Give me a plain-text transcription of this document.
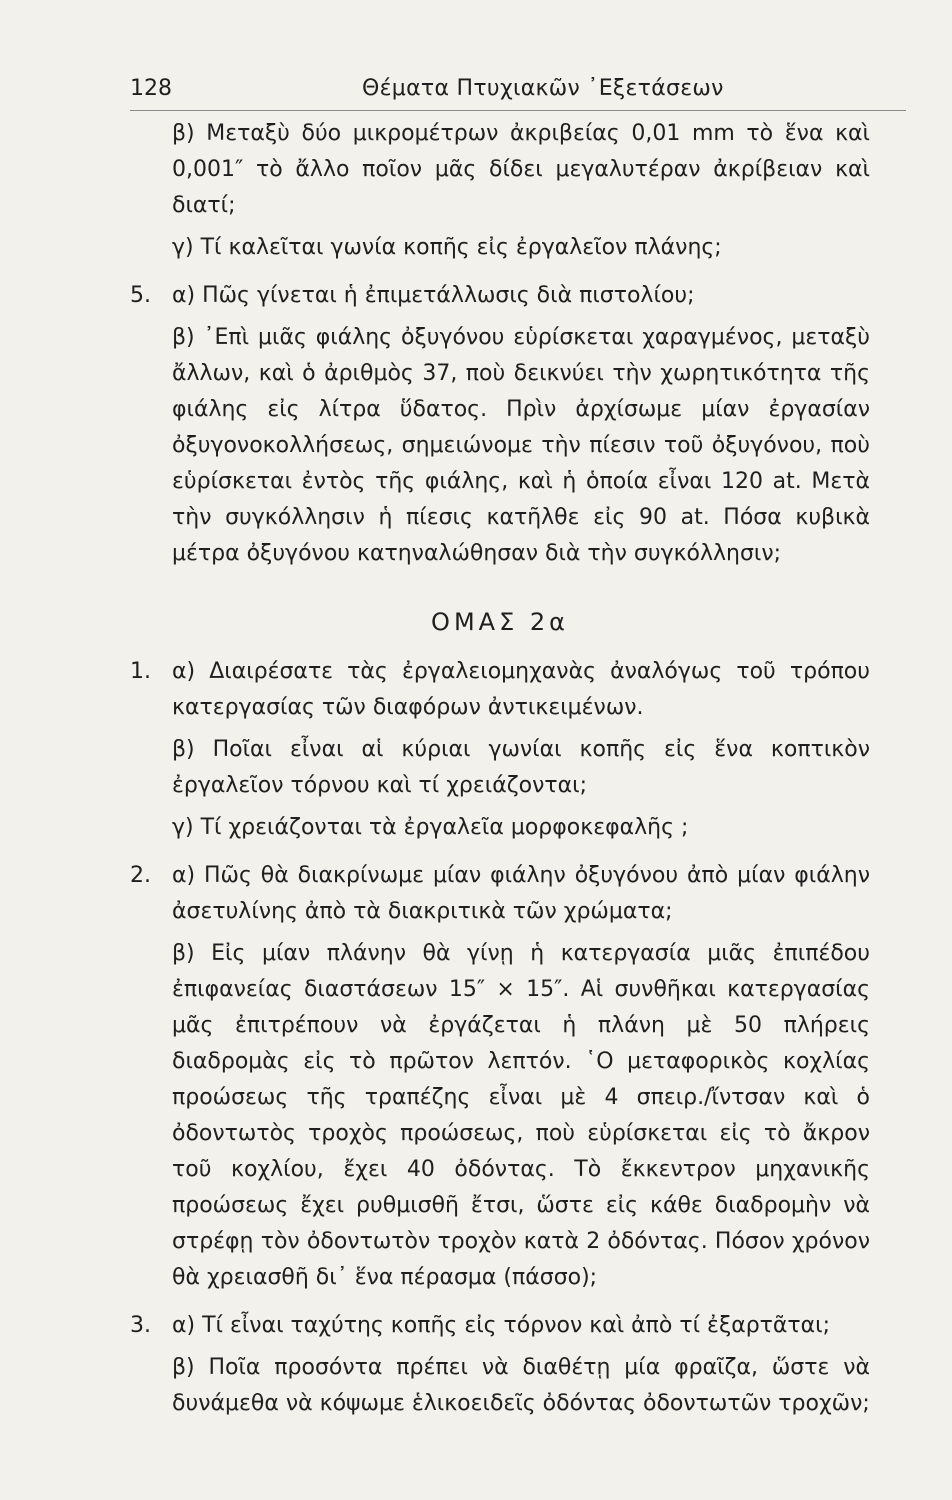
128	Θέματα Πτυχιακῶν ᾿Εξετάσεων
β) Μεταξὺ δύο μικρομέτρων ἀκριβείας 0,01 mm τὸ ἕνα καὶ 0,001″ τὸ ἄλλο ποῖον μᾶς δίδει μεγαλυτέραν ἀκρίβειαν καὶ διατί;
γ) Τί καλεῖται γωνία κοπῆς εἰς ἐργαλεῖον πλάνης;
5. α) Πῶς γίνεται ἡ ἐπιμετάλλωσις διὰ πιστολίου;
β) ᾿Επὶ μιᾶς φιάλης ὀξυγόνου εὑρίσκεται χαραγμένος, μεταξὺ ἄλλων, καὶ ὁ ἀριθμὸς 37, ποὺ δεικνύει τὴν χωρητικότητα τῆς φιάλης εἰς λίτρα ὕδατος. Πρὶν ἀρχίσωμε μίαν ἐργασίαν ὀξυγονοκολλήσεως, σημειώνομε τὴν πίεσιν τοῦ ὀξυγόνου, ποὺ εὑρίσκεται ἐντὸς τῆς φιάλης, καὶ ἡ ὁποία εἶναι 120 at. Μετὰ τὴν συγκόλλησιν ἡ πίεσις κατῆλθε εἰς 90 at. Πόσα κυβικὰ μέτρα ὀξυγόνου κατηναλώθησαν διὰ τὴν συγκόλλησιν;
ΟΜΑΣ 2α
1. α) Διαιρέσατε τὰς ἐργαλειομηχανὰς ἀναλόγως τοῦ τρόπου κατεργασίας τῶν διαφόρων ἀντικειμένων.
β) Ποῖαι εἶναι αἱ κύριαι γωνίαι κοπῆς εἰς ἕνα κοπτικὸν ἐργαλεῖον τόρνου καὶ τί χρειάζονται;
γ) Τί χρειάζονται τὰ ἐργαλεῖα μορφοκεφαλῆς ;
2. α) Πῶς θὰ διακρίνωμε μίαν φιάλην ὀξυγόνου ἀπὸ μίαν φιάλην ἀσετυλίνης ἀπὸ τὰ διακριτικὰ τῶν χρώματα;
β) Εἰς μίαν πλάνην θὰ γίνῃ ἡ κατεργασία μιᾶς ἐπιπέδου ἐπιφανείας διαστάσεων 15″ × 15″. Αἱ συνθῆκαι κατεργασίας μᾶς ἐπιτρέπουν νὰ ἐργάζεται ἡ πλάνη μὲ 50 πλήρεις διαδρομὰς εἰς τὸ πρῶτον λεπτόν. ῾Ο μεταφορικὸς κοχλίας προώσεως τῆς τραπέζης εἶναι μὲ 4 σπειρ./ἴντσαν καὶ ὁ ὀδοντωτὸς τροχὸς προώσεως, ποὺ εὑρίσκεται εἰς τὸ ἄκρον τοῦ κοχλίου, ἔχει 40 ὀδόντας. Τὸ ἔκκεντρον μηχανικῆς προώσεως ἔχει ρυθμισθῆ ἔτσι, ὥστε εἰς κάθε διαδρομὴν νὰ στρέφῃ τὸν ὀδοντωτὸν τροχὸν κατὰ 2 ὀδόντας. Πόσον χρόνον θὰ χρειασθῆ δι᾿ ἕνα πέρασμα (πάσσο);
3. α) Τί εἶναι ταχύτης κοπῆς εἰς τόρνον καὶ ἀπὸ τί ἐξαρτᾶται;
β) Ποῖα προσόντα πρέπει νὰ διαθέτῃ μία φραῖζα, ὥστε νὰ δυνάμεθα νὰ κόψωμε ἑλικοειδεῖς ὀδόντας ὀδοντωτῶν τροχῶν;
